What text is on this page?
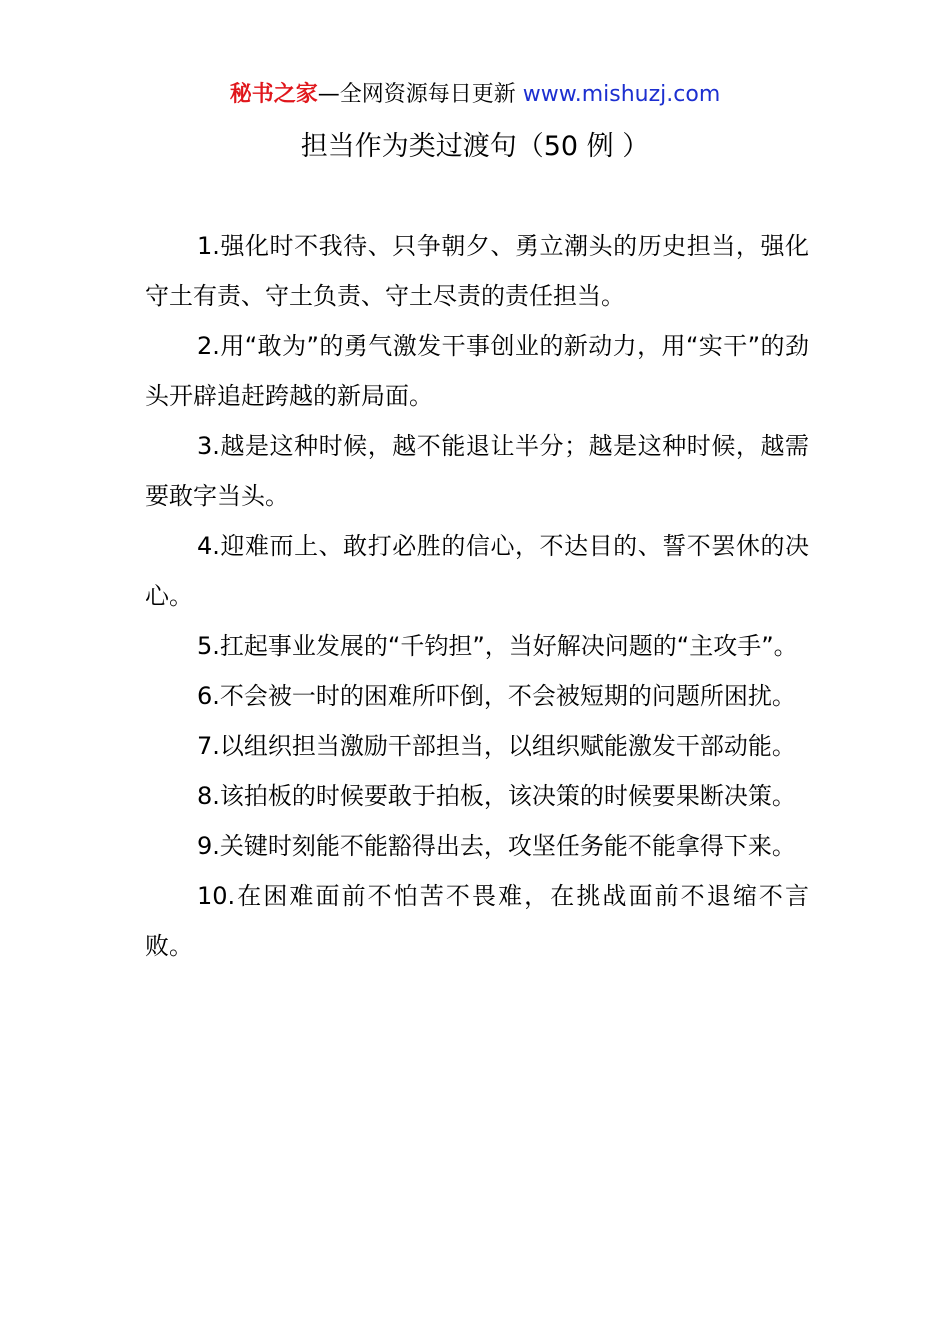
秘书之家—全网资源每日更新 www.mishuzj.com
担当作为类过渡句（50 例 ）

1.强化时不我待、只争朝夕、勇立潮头的历史担当，强化守土有责、守土负责、守土尽责的责任担当。

2.用“敢为”的勇气激发干事创业的新动力，用“实干”的劲头开辟追赶跨越的新局面。

3.越是这种时候，越不能退让半分；越是这种时候，越需要敢字当头。

4.迎难而上、敢打必胜的信心，不达目的、誓不罢休的决心。

5.扛起事业发展的“千钧担”，当好解决问题的“主攻手”。

6.不会被一时的困难所吓倒，不会被短期的问题所困扰。

7.以组织担当激励干部担当，以组织赋能激发干部动能。

8.该拍板的时候要敢于拍板，该决策的时候要果断决策。

9.关键时刻能不能豁得出去，攻坚任务能不能拿得下来。

10.在困难面前不怕苦不畏难，在挑战面前不退缩不言败。
